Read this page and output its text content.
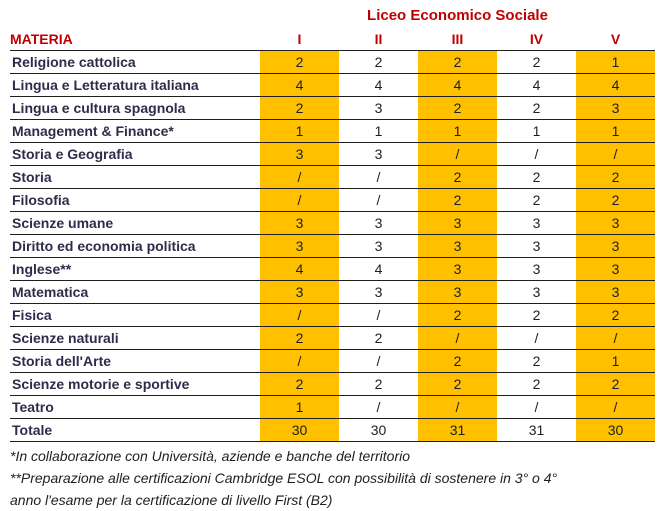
Liceo Economico Sociale
MATERIA	I	II	III	IV	V
Religione cattolica	2	2	2	2	1
Lingua e Letteratura italiana	4	4	4	4	4
Lingua e cultura spagnola	2	3	2	2	3
Management & Finance*	1	1	1	1	1
Storia e Geografia	3	3	/	/	/
Storia	/	/	2	2	2
Filosofia	/	/	2	2	2
Scienze umane	3	3	3	3	3
Diritto ed economia politica	3	3	3	3	3
Inglese**	4	4	3	3	3
Matematica	3	3	3	3	3
Fisica	/	/	2	2	2
Scienze naturali	2	2	/	/	/
Storia dell'Arte	/	/	2	2	1
Scienze motorie e sportive	2	2	2	2	2
Teatro	1	/	/	/	/
Totale	30	30	31	31	30

*In collaborazione con Università, aziende e banche del territorio

**Preparazione alle certificazioni Cambridge ESOL con possibilità di sostenere in 3° o 4°

anno l'esame per la certificazione di livello First (B2)
